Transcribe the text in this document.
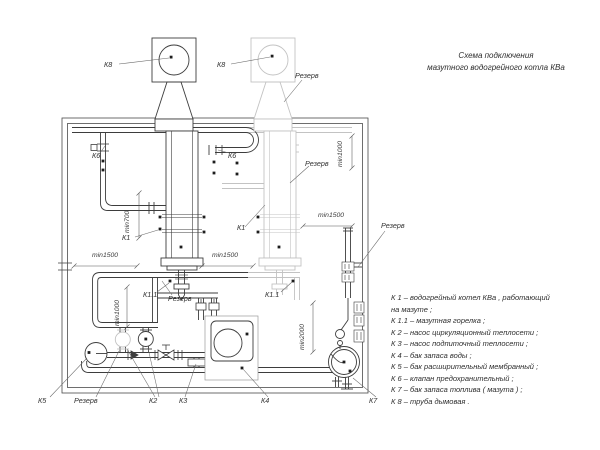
Схема подключения
мазутного водогрейного котла КВа
К8	К8
Резерв
К6	К6
Резерв
К1
К1	Резерв
К1.1 Резерв	К1.1
К5	Резерв	К2	К3	К4	К7
min1500	min1500
min1500
min700
min1000
min1000
min2000
К 1 – водогрейный котел КВа , работающий
на мазуте ;
К 1.1 – мазутная горелка ;
К 2 – насос циркуляционный теплосети ;
К 3 – насос подпиточный теплосети ;
К 4 – бак запаса воды ;
К 5 – бак расширительный мембранный ;
К 6 – клапан предохранительный ;
К 7 – бак запаса топлива ( мазута ) ;
К 8 – труба дымовая .
